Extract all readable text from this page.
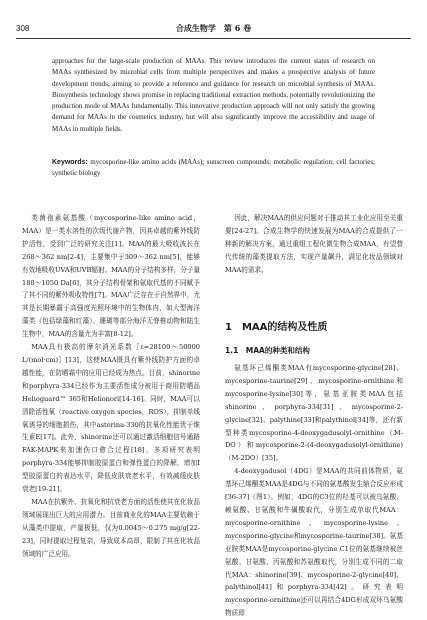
308	合成生物学　第 6 卷
approaches for the large-scale production of MAAs. This review introduces the current status of research on MAAs synthesized by microbial cells from multiple perspectives and makes a prospective analysis of future development trends, aiming to provide a reference and guidance for research on microbial synthesis of MAAs. Biosynthesis technology shows promise in replacing traditional extraction methods, potentially revolutionizing the production mode of MAAs fundamentally. This innovative production approach will not only satisfy the growing demand for MAAs in the cosmetics industry, but will also significantly improve the accessibility and usage of MAAs in multiple fields.
Keywords: mycosporine-like amino acids (MAAs); sunscreen compounds; metabolic regulation; cell factories; synthetic biology

类菌孢素氨基酸（mycosporine-like amino acid，MAA）是一类水溶性的次级代谢产物，因其卓越的紫外线防护活性，受到广泛的研究关注[1]。MAA的最大吸收波长在268～362 nm[2-4]，主要集中于309～362 nm[5]，能够有效地吸收UVA和UVB辐射。MAA的分子结构多样，分子量188～1050 Da[6]，其分子结构骨架和氨取代基的不同赋予了其不同的紫外吸收特性[7]。MAA广泛存在于自然界中，尤其是长期暴露于高强度光照环境中的生物体内，如大型海洋藻类（包括绿藻和红藻）、珊瑚等部分海洋无脊椎动物和陆生生物中，MAA的含量尤为丰富[8-12]。

MAA具有极高的摩尔消光系数［ε=28100～50000 L/(mol·cm)］[13]，这使MAA既具有紫外线防护方面的卓越性能，在防晒霜中的应用已经成为热点。目前，shinorine和porphyra-334已经作为主要活性成分被用于商用防晒品Helioguard™ 365和Helionori[14-16]。同时，MAA可以清除活性氧（reactive oxygen species，ROS），抑制单线氧诱导的细胞损伤，其中asterina-330的抗氧化性能优于维生素E[17]。此外，shinorine还可以通过激活细胞信号通路FAK-MAPK来加速伤口愈合过程[18]，多项研究表明porphyra-334能够抑制胶原蛋白和弹性蛋白的降解，增加Ⅰ型胶原蛋白的表达水平，降低皮肤衰老水平，有效减缓皮肤衰老[19-21]。

MAA在抗紫外、抗氧化和抗衰老方面的活性使其在化妆品领域展现出巨大的应用潜力。目前商业化的MAA主要依赖于从藻类中提取，产量极低，仅为0.0045～0.275 mg/g[22-23]，同时提取过程复杂，导致成本高昂，限制了其在化妆品领域的广泛应用。

因此，解决MAA的供应问题对于推动其工业化应用至关重要[24-27]。合成生物学的快速发展为MAA的合成提供了一种新的解决方案，通过重组工程化微生物合成MAA，有望替代传统的藻类提取方法，实现产量飙升，满足化妆品领域对MAA的需求。

1　MAA的结构及性质
1.1　MAA的种类和结构

氨基环己烯酮类MAA有mycosporine-glycine[28]、mycosporine-taurine[29]、mycosporine-ornithine和mycosporine-lysine[30]等，氨基亚胺类MAA包括shinorine、porphyra-334[31]、mycosporine-2-glycine[32]、palythine[33]和palythinol[34]等，还有新型种类mycosporine-4-deoxygadusolyl-ornithine（M-DO）和mycosporine-2-(4-deoxygadusolyl-ornithine)（M-2DO）[35]。

4-deoxygadusol（4DG）是MAA的共同前体物质，氨基环己烯酮类MAA是4DG与不同的氨基酸发生缩合反应形成[36-37]（图1）。例如，4DG的C3位的羟基可以被乌氨酸、赖氨酸、甘氨酸和牛磺酸取代，分别生成单取代MAA：mycosporine-ornithine、mycosporine-lysine、mycosporine-glycine和mycosporine-taurine[38]。氨基亚胺类MAA是mycosporine-glycine C1位的氨基继续被丝氨酸、甘氨酸、丙氨酸和苏氨酸取代，分别生成不同的二取代MAA：shinorine[39]、mycosporine-2-glycine[40]、palythinol[41]和porphyra-334[42]。研究表明mycosporine-ornithine还可以再结合4DG形成双环乌氨酸物质即
